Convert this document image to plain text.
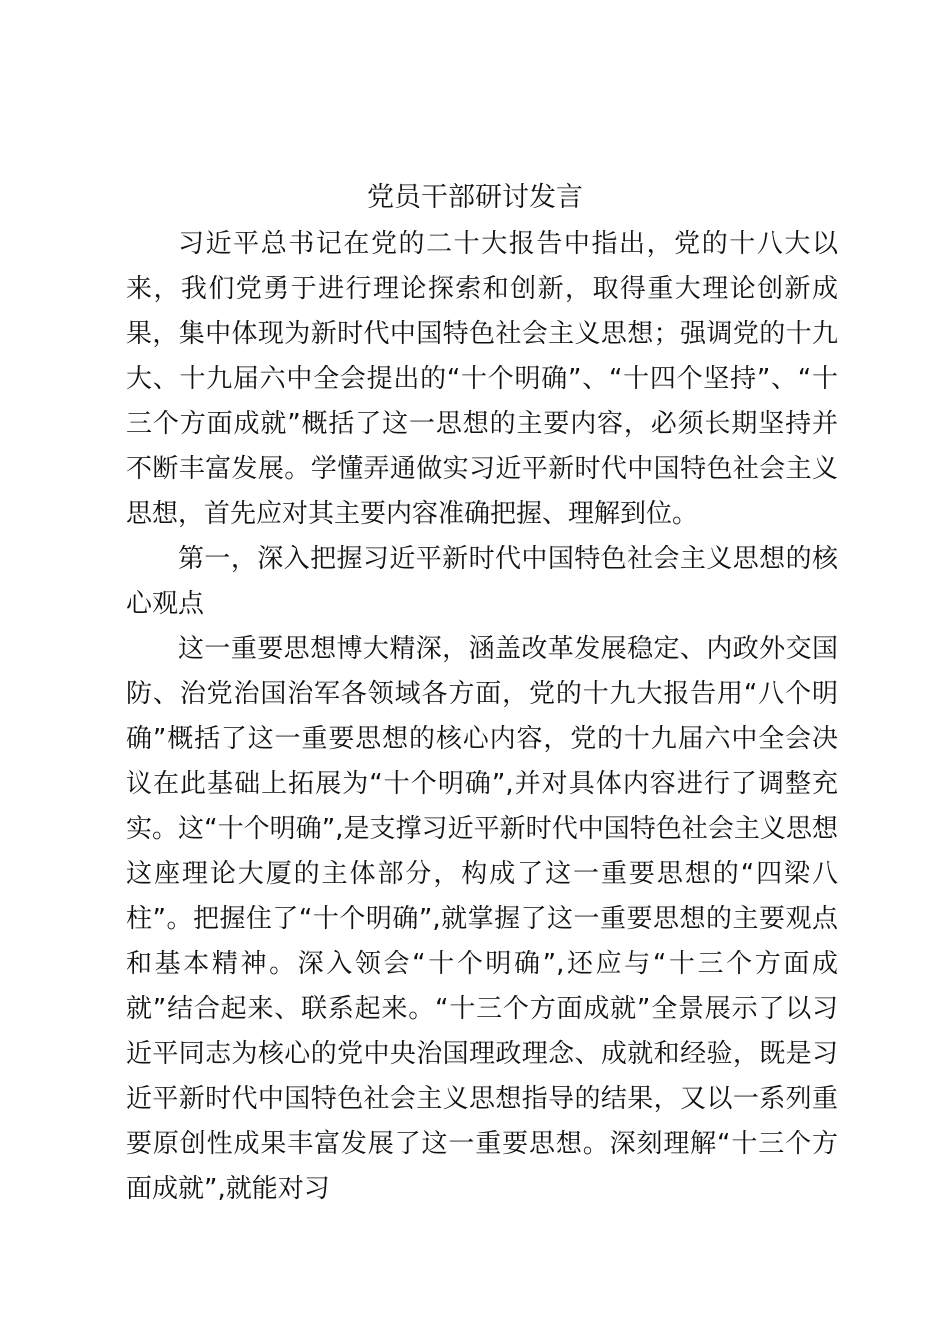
党员干部研讨发言

习近平总书记在党的二十大报告中指出，党的十八大以来，我们党勇于进行理论探索和创新，取得重大理论创新成果，集中体现为新时代中国特色社会主义思想；强调党的十九大、十九届六中全会提出的“十个明确”、“十四个坚持”、“十三个方面成就”概括了这一思想的主要内容，必须长期坚持并不断丰富发展。学懂弄通做实习近平新时代中国特色社会主义思想，首先应对其主要内容准确把握、理解到位。

第一，深入把握习近平新时代中国特色社会主义思想的核心观点

这一重要思想博大精深，涵盖改革发展稳定、内政外交国防、治党治国治军各领域各方面，党的十九大报告用“八个明确”概括了这一重要思想的核心内容，党的十九届六中全会决议在此基础上拓展为“十个明确”,并对具体内容进行了调整充实。这“十个明确”,是支撑习近平新时代中国特色社会主义思想这座理论大厦的主体部分，构成了这一重要思想的“四梁八柱”。把握住了“十个明确”,就掌握了这一重要思想的主要观点和基本精神。深入领会“十个明确”,还应与“十三个方面成就”结合起来、联系起来。“十三个方面成就”全景展示了以习近平同志为核心的党中央治国理政理念、成就和经验，既是习近平新时代中国特色社会主义思想指导的结果，又以一系列重要原创性成果丰富发展了这一重要思想。深刻理解“十三个方面成就”,就能对习
